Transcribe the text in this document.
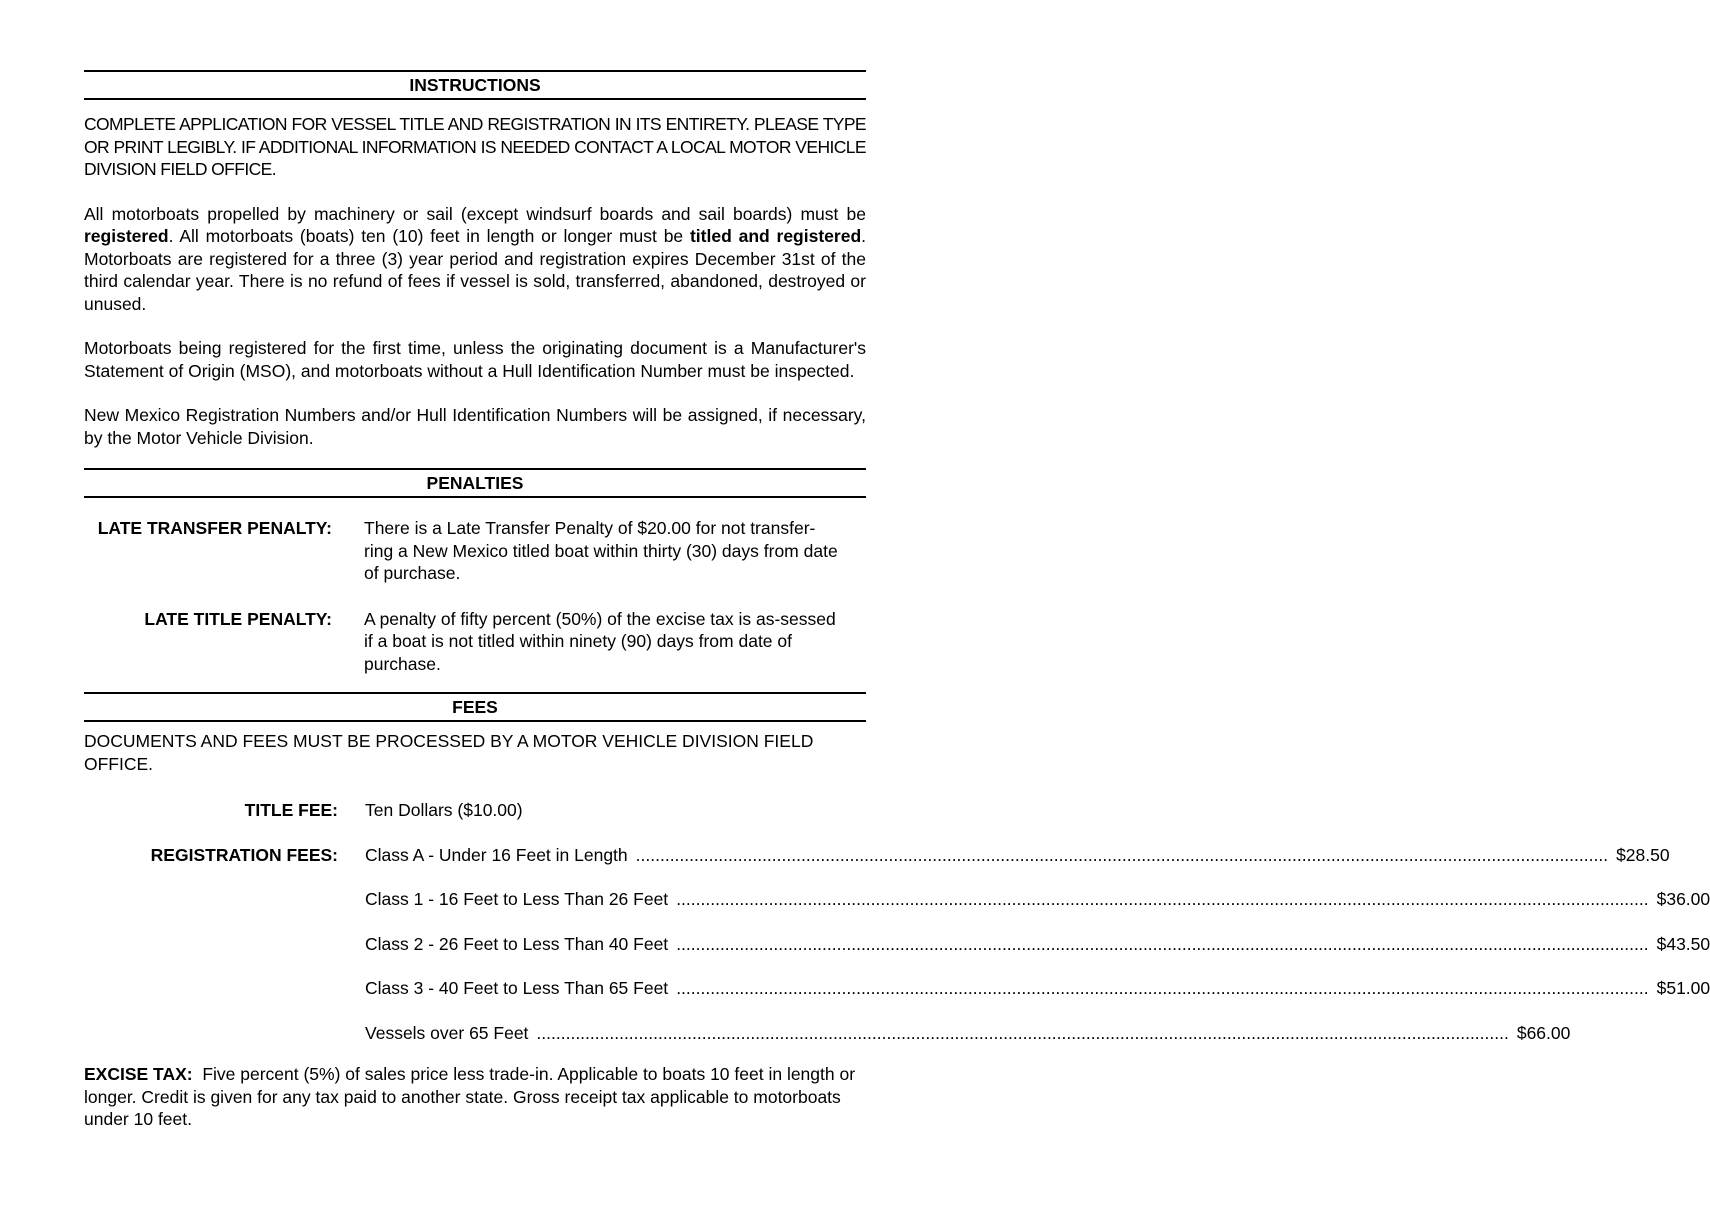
INSTRUCTIONS

COMPLETE APPLICATION FOR VESSEL TITLE AND REGISTRATION IN ITS ENTIRETY. PLEASE TYPE OR PRINT LEGIBLY. IF ADDITIONAL INFORMATION IS NEEDED CONTACT A LOCAL MOTOR VEHICLE DIVISION FIELD OFFICE.

All motorboats propelled by machinery or sail (except windsurf boards and sail boards) must be registered. All motorboats (boats) ten (10) feet in length or longer must be titled and registered. Motorboats are registered for a three (3) year period and registration expires December 31st of the third calendar year. There is no refund of fees if vessel is sold, transferred, abandoned, destroyed or unused.

Motorboats being registered for the first time, unless the originating document is a Manufacturer's Statement of Origin (MSO), and motorboats without a Hull Identification Number must be inspected.

New Mexico Registration Numbers and/or Hull Identification Numbers will be assigned, if necessary, by the Motor Vehicle Division.

PENALTIES
LATE TRANSFER PENALTY: There is a Late Transfer Penalty of $20.00 for not transfer-ring a New Mexico titled boat within thirty (30) days from date of purchase.
LATE TITLE PENALTY: A penalty of fifty percent (50%) of the excise tax is as-sessed if a boat is not titled within ninety (90) days from date of purchase.
FEES

DOCUMENTS AND FEES MUST BE PROCESSED BY A MOTOR VEHICLE DIVISION FIELD OFFICE.

TITLE FEE: Ten Dollars ($10.00)
REGISTRATION FEES: Class A - Under 16 Feet in Length ........................................................................................................................................................................................................ $28.50
Class 1 - 16 Feet to Less Than 26 Feet ........................................................................................................................................................................................................ $36.00
Class 2 - 26 Feet to Less Than 40 Feet ........................................................................................................................................................................................................ $43.50
Class 3 - 40 Feet to Less Than 65 Feet ........................................................................................................................................................................................................ $51.00
Vessels over 65 Feet ........................................................................................................................................................................................................ $66.00

EXCISE TAX: Five percent (5%) of sales price less trade-in. Applicable to boats 10 feet in length or longer. Credit is given for any tax paid to another state. Gross receipt tax applicable to motorboats under 10 feet.
